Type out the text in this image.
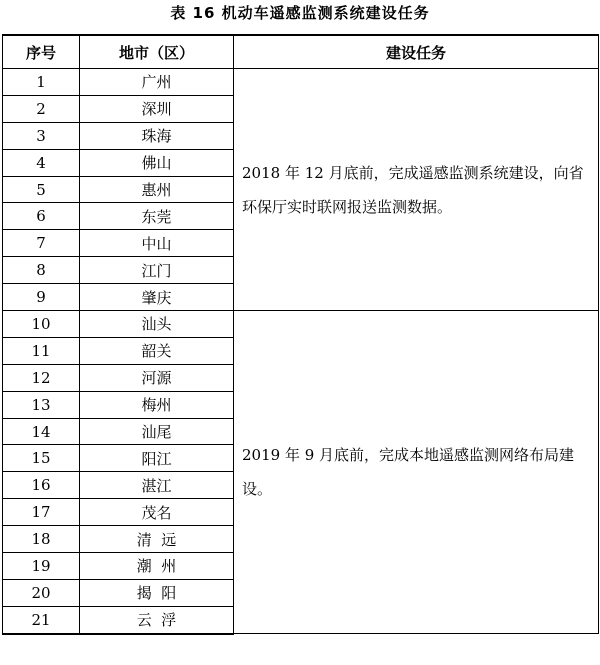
表 16 机动车遥感监测系统建设任务
序号	地市（区）	建设任务
1	广州	2018 年 12 月底前，完成遥感监测系统建设，向省环保厅实时联网报送监测数据。
2	深圳	
3	珠海	
4	佛山	
5	惠州	
6	东莞	
7	中山	
8	江门	
9	肇庆	
10	汕头	2019 年 9 月底前，完成本地遥感监测网络布局建设。
11	韶关	
12	河源	
13	梅州	
14	汕尾	
15	阳江	
16	湛江	
17	茂名	
18	清  远	
19	潮  州	
20	揭  阳	
21	云  浮	
